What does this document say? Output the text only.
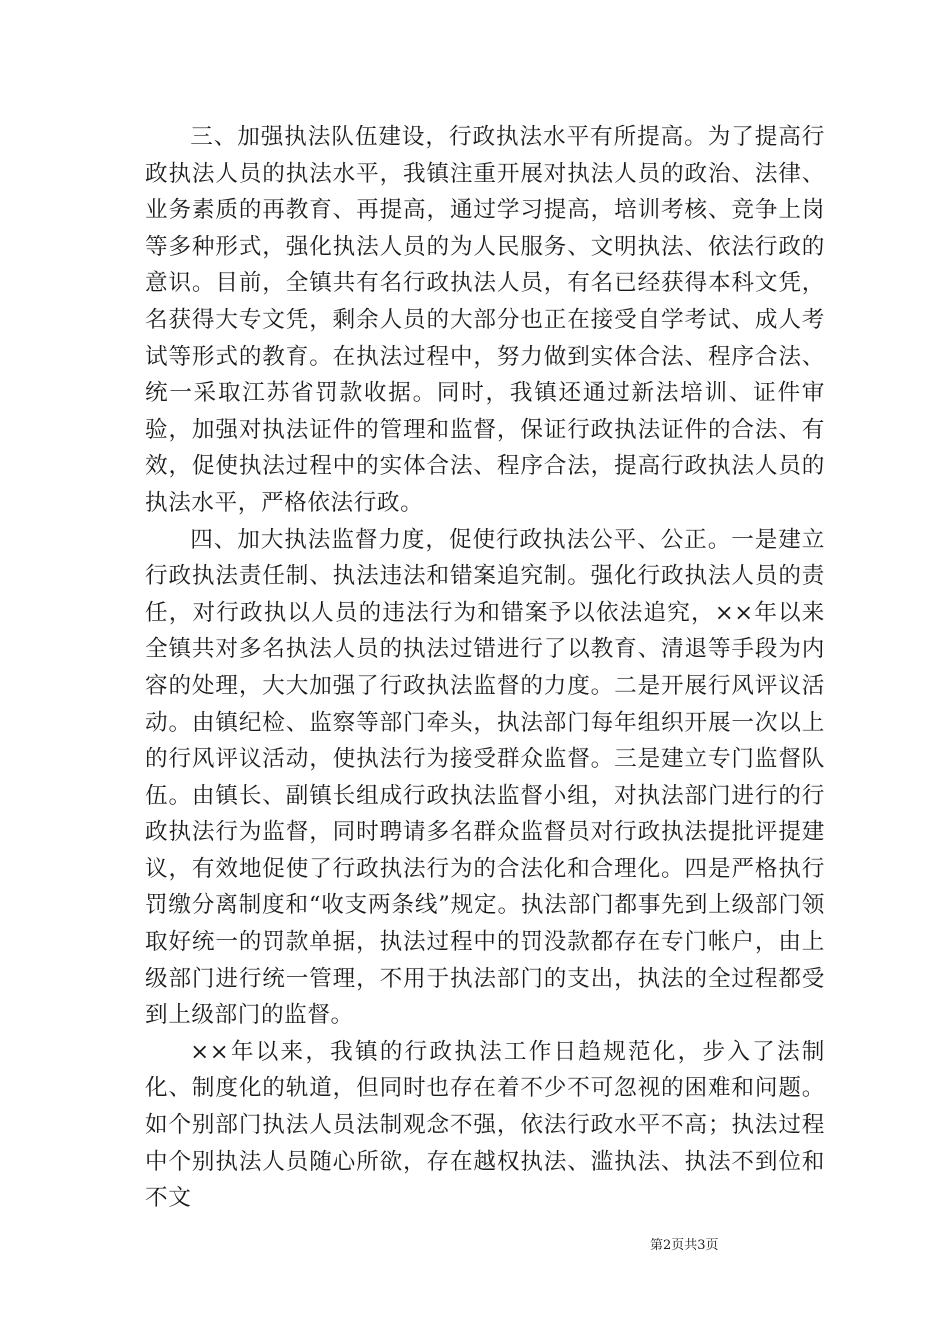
三、加强执法队伍建设，行政执法水平有所提高。为了提高行政执法人员的执法水平，我镇注重开展对执法人员的政治、法律、业务素质的再教育、再提高，通过学习提高，培训考核、竞争上岗等多种形式，强化执法人员的为人民服务、文明执法、依法行政的意识。目前，全镇共有名行政执法人员，有名已经获得本科文凭，名获得大专文凭，剩余人员的大部分也正在接受自学考试、成人考试等形式的教育。在执法过程中，努力做到实体合法、程序合法、统一采取江苏省罚款收据。同时，我镇还通过新法培训、证件审验，加强对执法证件的管理和监督，保证行政执法证件的合法、有效，促使执法过程中的实体合法、程序合法，提高行政执法人员的执法水平，严格依法行政。

四、加大执法监督力度，促使行政执法公平、公正。一是建立行政执法责任制、执法违法和错案追究制。强化行政执法人员的责任，对行政执以人员的违法行为和错案予以依法追究，××年以来全镇共对多名执法人员的执法过错进行了以教育、清退等手段为内容的处理，大大加强了行政执法监督的力度。二是开展行风评议活动。由镇纪检、监察等部门牵头，执法部门每年组织开展一次以上的行风评议活动，使执法行为接受群众监督。三是建立专门监督队伍。由镇长、副镇长组成行政执法监督小组，对执法部门进行的行政执法行为监督，同时聘请多名群众监督员对行政执法提批评提建议，有效地促使了行政执法行为的合法化和合理化。四是严格执行罚缴分离制度和“收支两条线”规定。执法部门都事先到上级部门领取好统一的罚款单据，执法过程中的罚没款都存在专门帐户，由上级部门进行统一管理，不用于执法部门的支出，执法的全过程都受到上级部门的监督。

××年以来，我镇的行政执法工作日趋规范化，步入了法制化、制度化的轨道，但同时也存在着不少不可忽视的困难和问题。如个别部门执法人员法制观念不强，依法行政水平不高；执法过程中个别执法人员随心所欲，存在越权执法、滥执法、执法不到位和不文

第2页共3页
